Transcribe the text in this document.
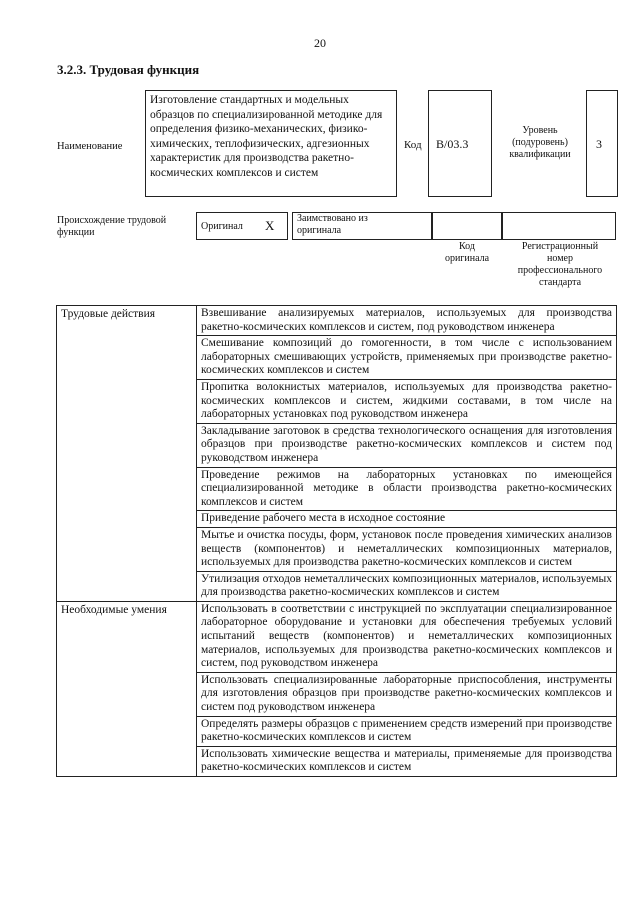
20
3.2.3. Трудовая функция
Наименование
Изготовление стандартных и модельных образцов по специализированной методике для определения физико-механических, физико-химических, теплофизических, адгезионных характеристик для производства ракетно-космических комплексов и систем
Код B/03.3
Уровень
(подуровень)
квалификации
3
Происхождение трудовой
функции
Оригинал X Заимствовано из
оригинала
Код
оригинала
Регистрационный
номер
профессионального
стандарта
Трудовые действия	Взвешивание анализируемых материалов, используемых для производства ракетно-космических комплексов и систем, под руководством инженера
	Смешивание композиций до гомогенности, в том числе с использованием лабораторных смешивающих устройств, применяемых при производстве ракетно-космических комплексов и систем
	Пропитка волокнистых материалов, используемых для производства ракетно-космических комплексов и систем, жидкими составами, в том числе на лабораторных установках под руководством инженера
	Закладывание заготовок в средства технологического оснащения для изготовления образцов при производстве ракетно-космических комплексов и систем под руководством инженера
	Проведение режимов на лабораторных установках по имеющейся специализированной методике в области производства ракетно-космических комплексов и систем
	Приведение рабочего места в исходное состояние
	Мытье и очистка посуды, форм, установок после проведения химических анализов веществ (компонентов) и неметаллических композиционных материалов, используемых для производства ракетно-космических комплексов и систем
	Утилизация отходов неметаллических композиционных материалов, используемых для производства ракетно-космических комплексов и систем
Необходимые умения	Использовать в соответствии с инструкцией по эксплуатации специализированное лабораторное оборудование и установки для обеспечения требуемых условий испытаний веществ (компонентов) и неметаллических композиционных материалов, используемых для производства ракетно-космических комплексов и систем, под руководством инженера
	Использовать специализированные лабораторные приспособления, инструменты для изготовления образцов при производстве ракетно-космических комплексов и систем под руководством инженера
	Определять размеры образцов с применением средств измерений при производстве ракетно-космических комплексов и систем
	Использовать химические вещества и материалы, применяемые для производства ракетно-космических комплексов и систем
